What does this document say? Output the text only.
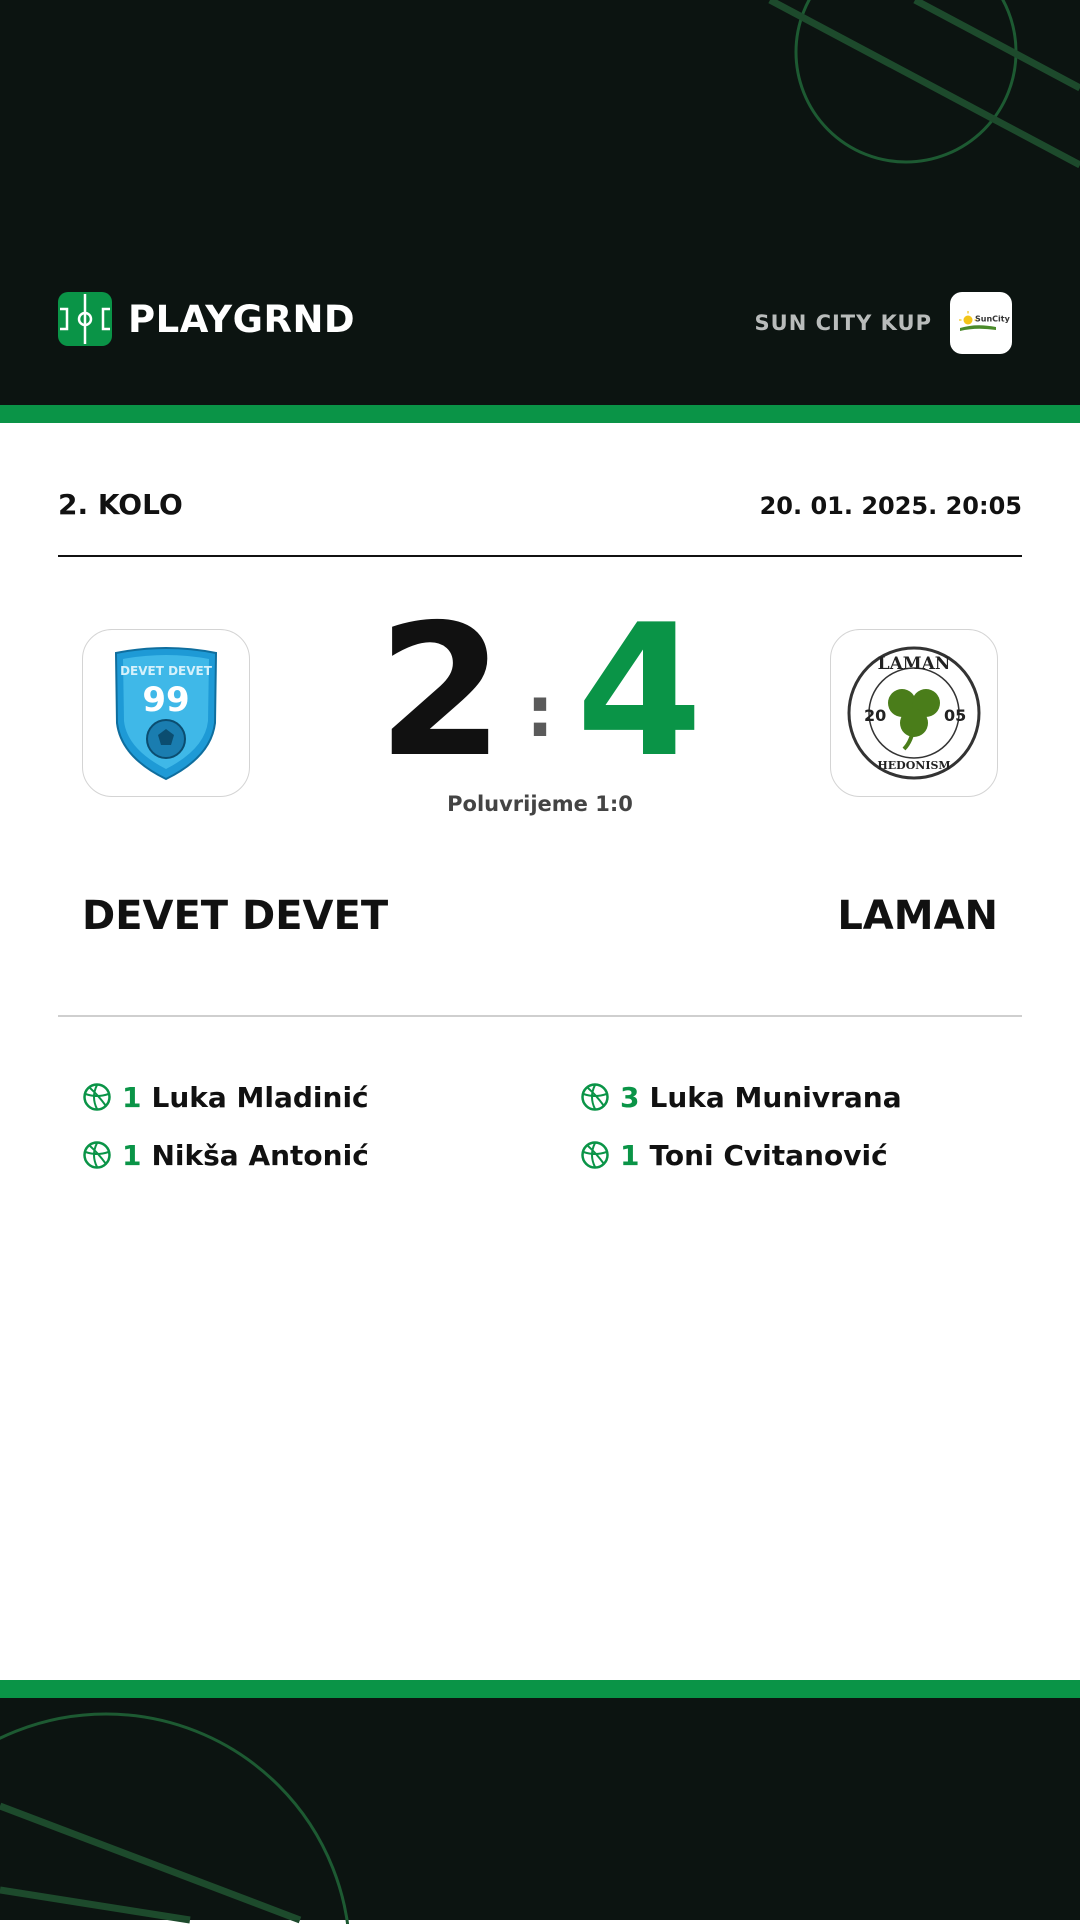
PLAYGRND	SUN CITY KUP	SunCity
2. KOLO	20. 01. 2025. 20:05
DEVET DEVET
99	2 : 4
Poluvrijeme 1:0
LAMAN
20	05
HEDONISM
DEVET DEVET	LAMAN
1 Luka Mladinić
1 Nikša Antonić
3 Luka Munivrana
1 Toni Cvitanović
